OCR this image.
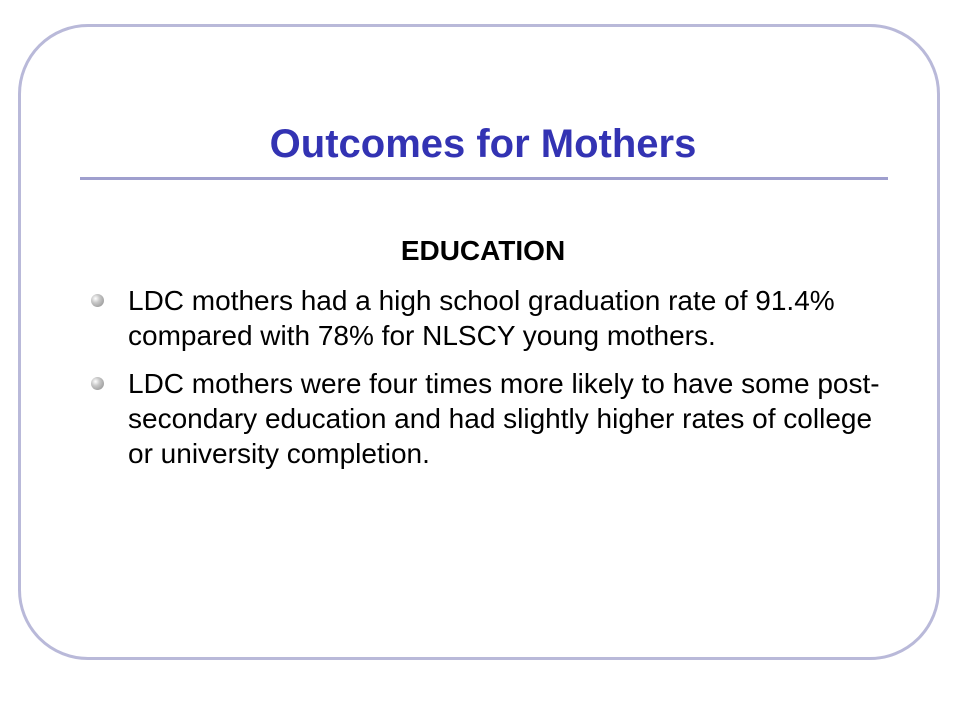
Outcomes for Mothers
EDUCATION
LDC mothers had a high school graduation rate of 91.4% compared with 78% for NLSCY young mothers.
LDC mothers were four times more likely to have some post-secondary education and had slightly higher rates of college or university completion.
